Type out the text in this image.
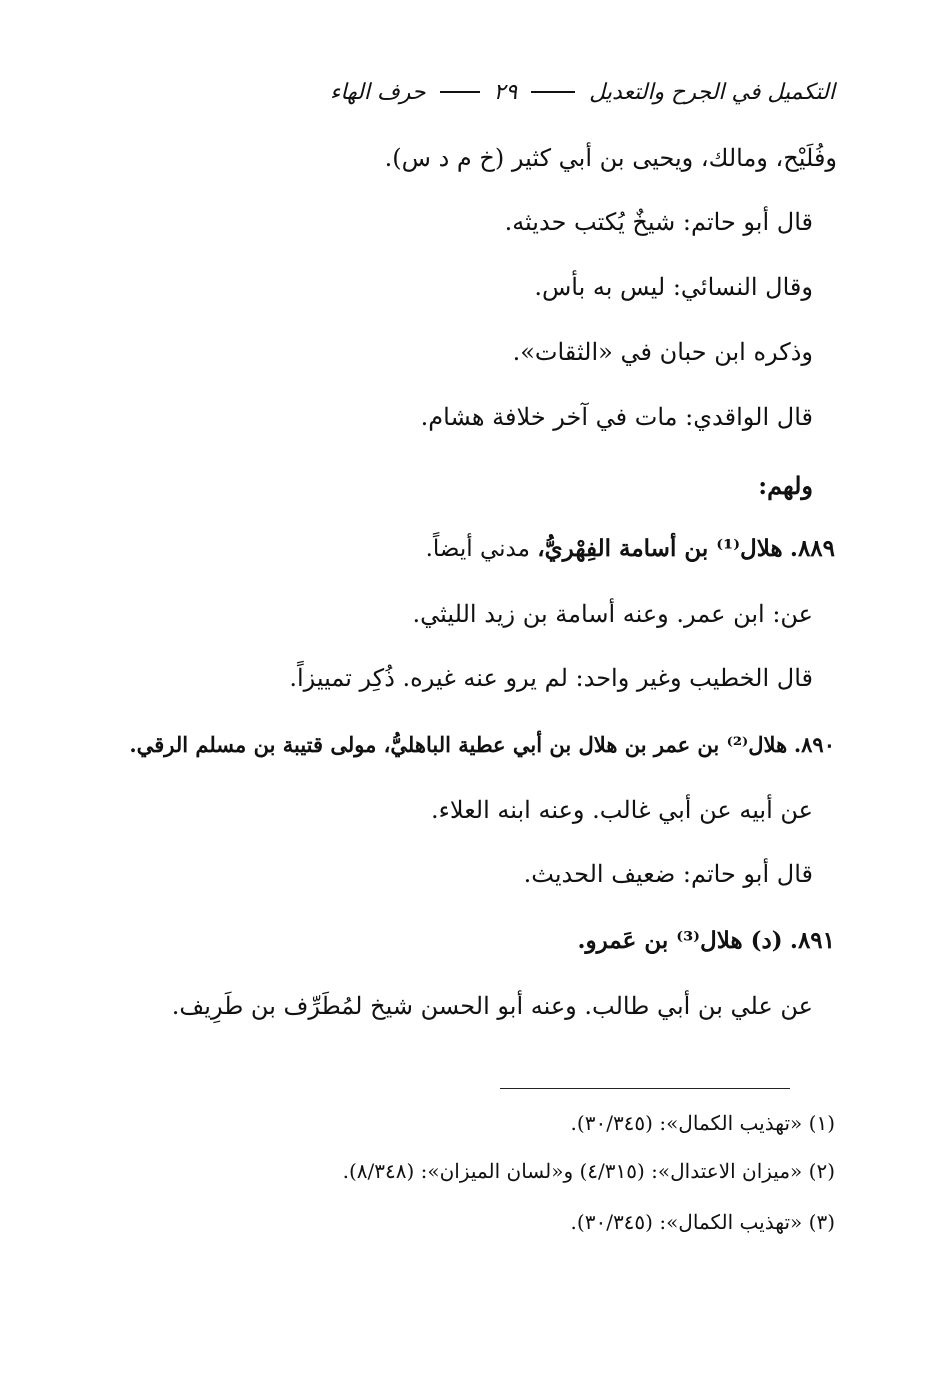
التكميل في الجرح والتعديل
٢٩
حرف الهاء
وفُلَيْح، ومالك، ويحيى بن أبي كثير (خ م د س).
قال أبو حاتم: شيخٌ يُكتب حديثه.
وقال النسائي: ليس به بأس.
وذكره ابن حبان في «الثقات».
قال الواقدي: مات في آخر خلافة هشام.
ولهم:
٨٨٩. هلال⁽¹⁾ بن أسامة الفِهْريُّ، مدني أيضاً.
عن: ابن عمر. وعنه أسامة بن زيد الليثي.
قال الخطيب وغير واحد: لم يرو عنه غيره. ذُكِر تمييزاً.
٨٩٠. هلال⁽²⁾ بن عمر بن هلال بن أبي عطية الباهليُّ، مولى قتيبة بن مسلم الرقي.
عن أبيه عن أبي غالب. وعنه ابنه العلاء.
قال أبو حاتم: ضعيف الحديث.
٨٩١. (د) هلال⁽³⁾ بن عَمرو.
عن علي بن أبي طالب. وعنه أبو الحسن شيخ لمُطَرِّف بن طَرِيف.
(١) «تهذيب الكمال»: (٣٠/٣٤٥).
(٢) «ميزان الاعتدال»: (٤/٣١٥) و«لسان الميزان»: (٨/٣٤٨).
(٣) «تهذيب الكمال»: (٣٠/٣٤٥).
